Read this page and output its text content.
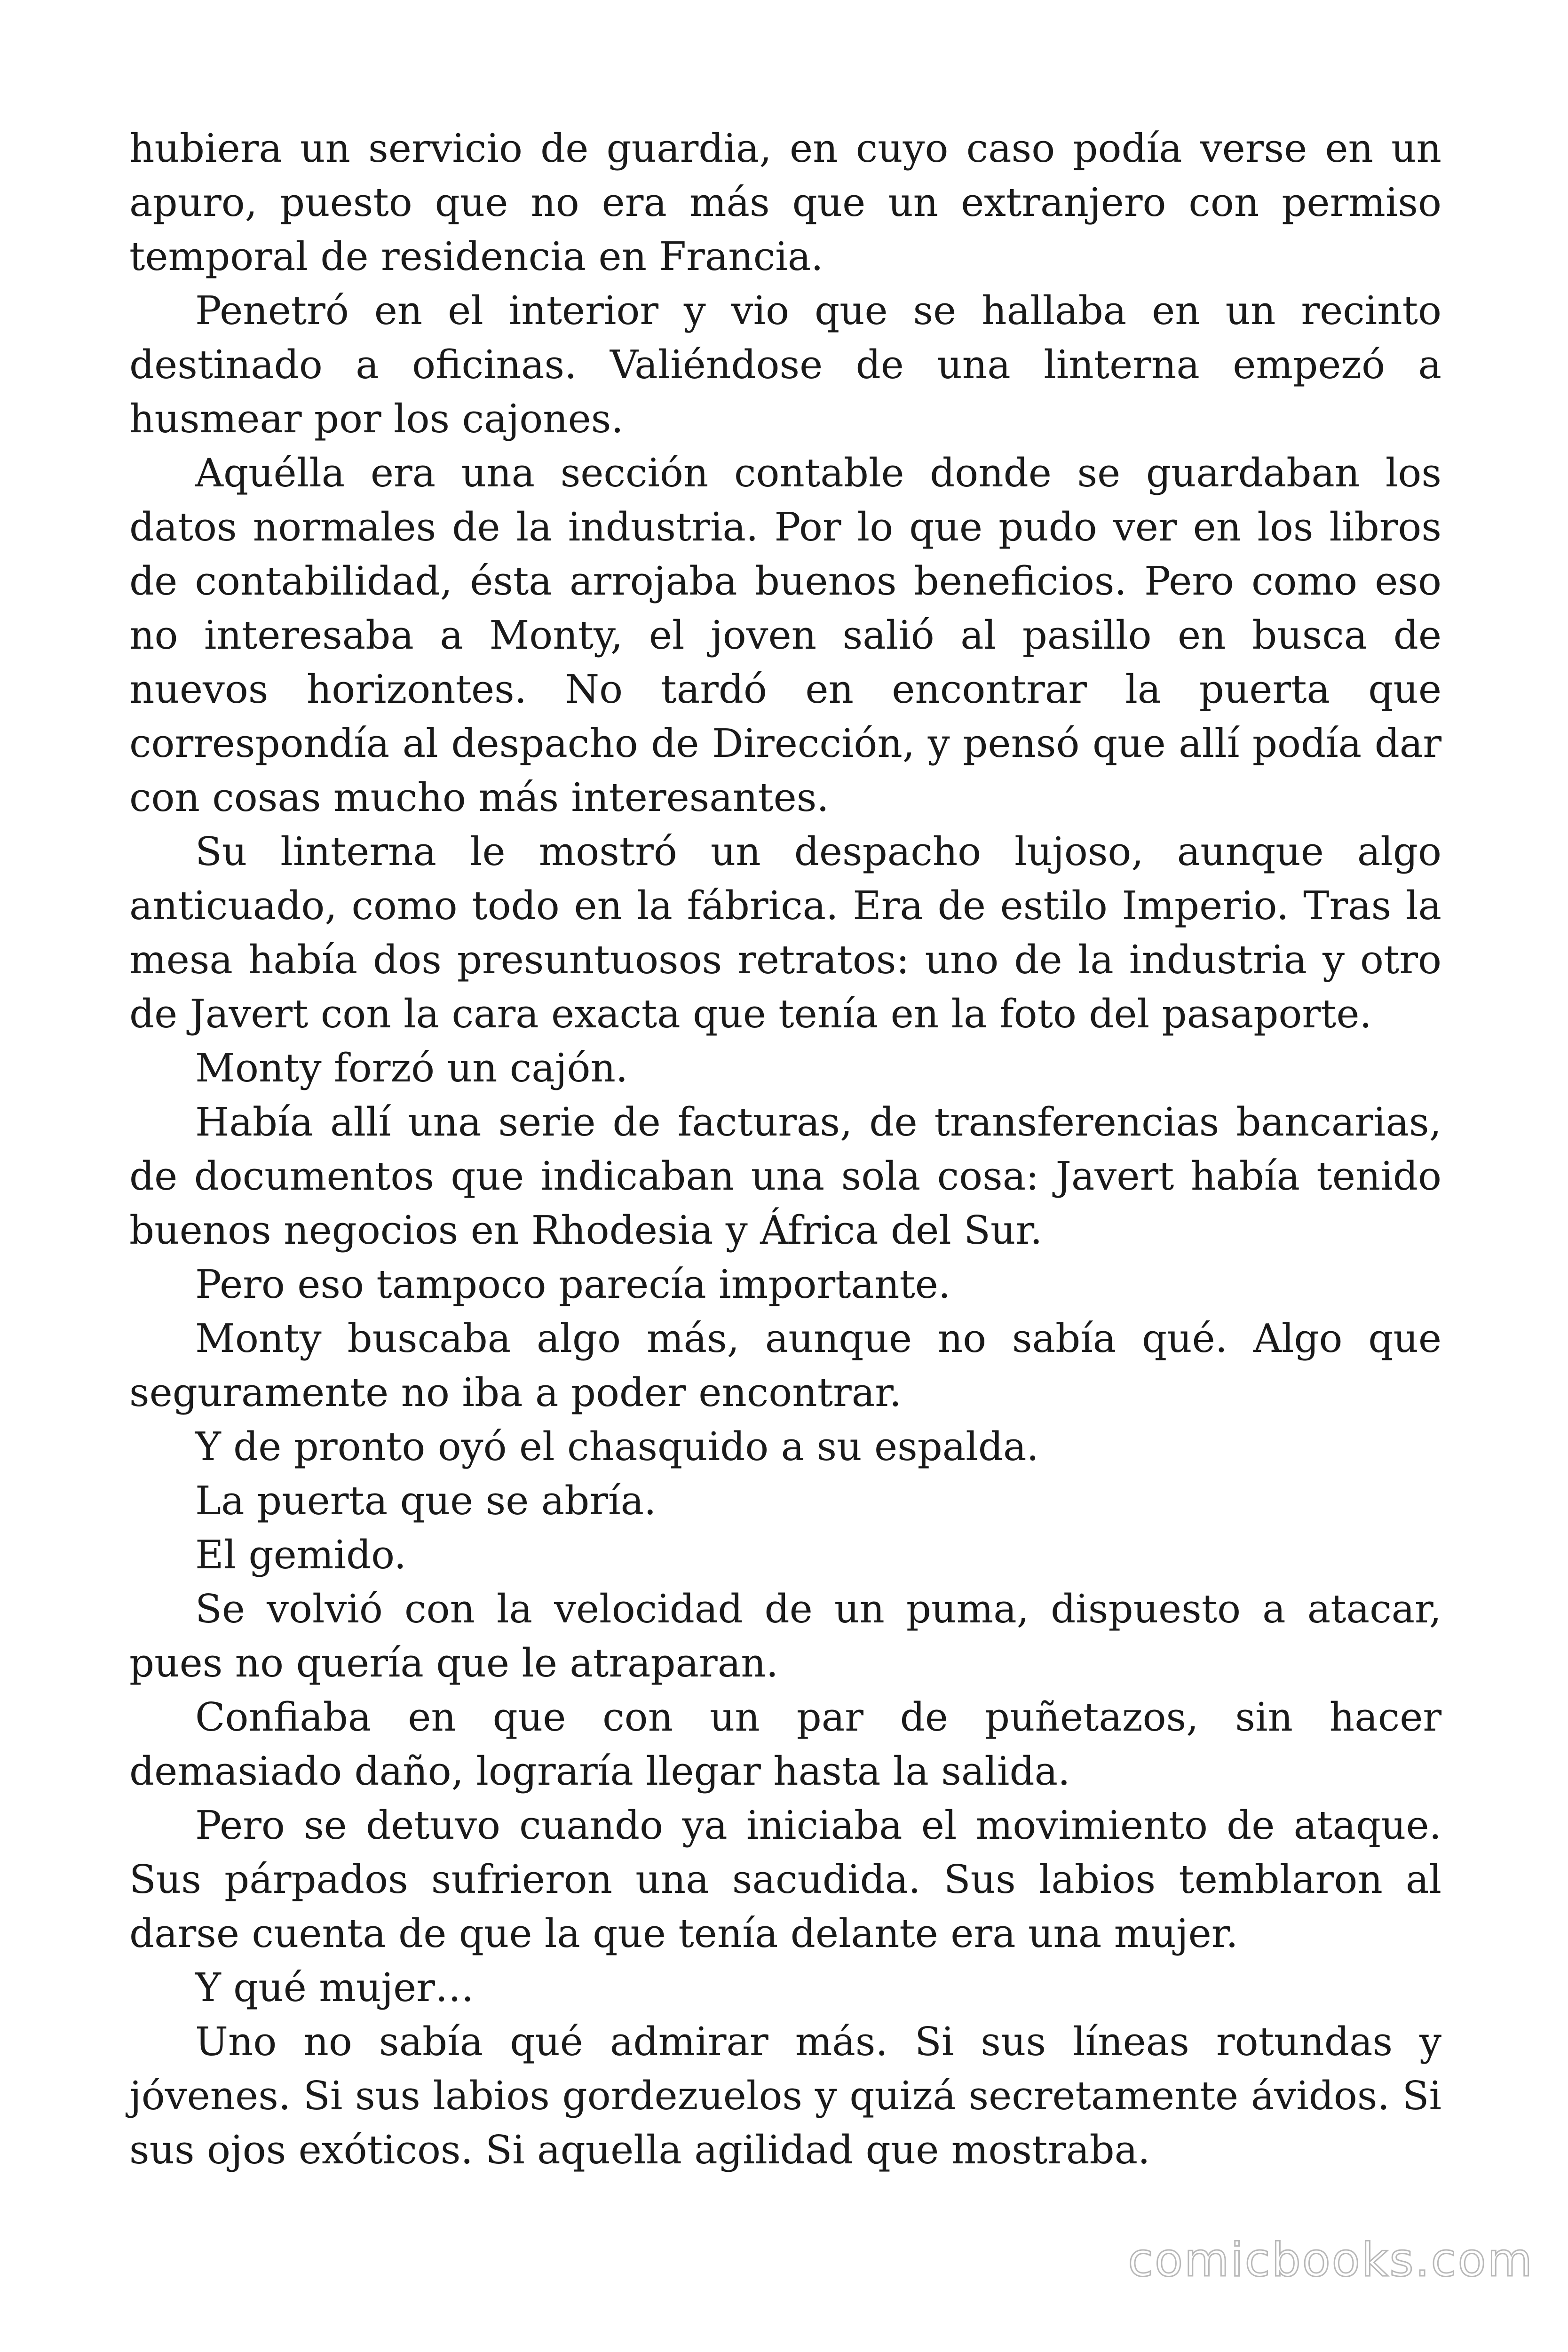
hubiera un servicio de guardia, en cuyo caso podía verse en un apuro, puesto que no era más que un extranjero con permiso temporal de residencia en Francia.

Penetró en el interior y vio que se hallaba en un recinto destinado a oficinas. Valiéndose de una linterna empezó a husmear por los cajones.

Aquélla era una sección contable donde se guardaban los datos normales de la industria. Por lo que pudo ver en los libros de contabilidad, ésta arrojaba buenos beneficios. Pero como eso no interesaba a Monty, el joven salió al pasillo en busca de nuevos horizontes. No tardó en encontrar la puerta que correspondía al despacho de Dirección, y pensó que allí podía dar con cosas mucho más interesantes.

Su linterna le mostró un despacho lujoso, aunque algo anticuado, como todo en la fábrica. Era de estilo Imperio. Tras la mesa había dos presuntuosos retratos: uno de la industria y otro de Javert con la cara exacta que tenía en la foto del pasaporte.

Monty forzó un cajón.

Había allí una serie de facturas, de transferencias bancarias, de documentos que indicaban una sola cosa: Javert había tenido buenos negocios en Rhodesia y África del Sur.

Pero eso tampoco parecía importante.

Monty buscaba algo más, aunque no sabía qué. Algo que seguramente no iba a poder encontrar.

Y de pronto oyó el chasquido a su espalda.

La puerta que se abría.

El gemido.

Se volvió con la velocidad de un puma, dispuesto a atacar, pues no quería que le atraparan.

Confiaba en que con un par de puñetazos, sin hacer demasiado daño, lograría llegar hasta la salida.

Pero se detuvo cuando ya iniciaba el movimiento de ataque. Sus párpados sufrieron una sacudida. Sus labios temblaron al darse cuenta de que la que tenía delante era una mujer.

Y qué mujer…

Uno no sabía qué admirar más. Si sus líneas rotundas y jóvenes. Si sus labios gordezuelos y quizá secretamente ávidos. Si sus ojos exóticos. Si aquella agilidad que mostraba.

comicbooks.com
